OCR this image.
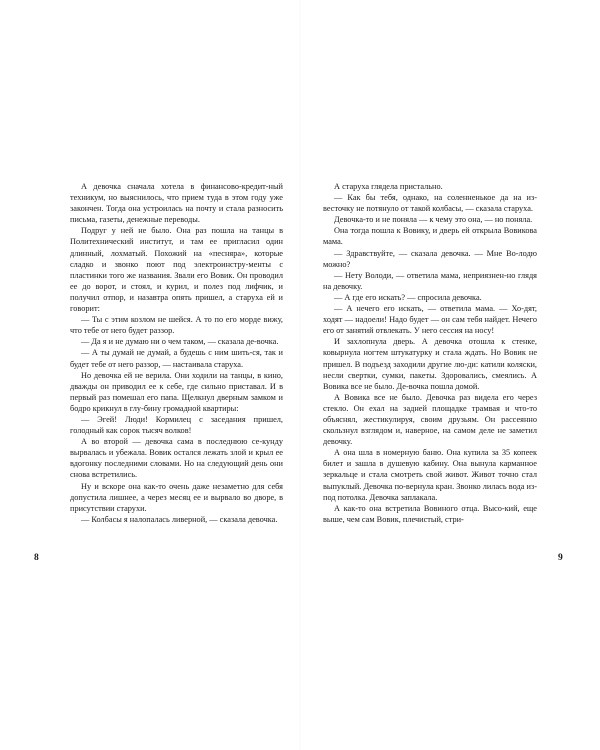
А девочка сначала хотела в финансово-кредит-ный техникум, но выяснилось, что прием туда в этом году уже закончен. Тогда она устроилась на почту и стала разносить письма, газеты, денежные переводы.

Подруг у ней не было. Она раз пошла на танцы в Политехнический институт, и там ее пригласил один длинный, лохматый. Похожий на «песняра», которые сладко и звонко поют под электроинстру-менты с пластинки того же названия. Звали его Вовик. Он проводил ее до ворот, и стоял, и курил, и полез под лифчик, и получил отпор, и назавтра опять пришел, а старуха ей и говорит:

— Ты с этим козлом не шейся. А то по его морде вижу, что тебе от него будет раззор.

— Да я и не думаю ни о чем таком, — сказала де-вочка.

— А ты думай не думай, а будешь с ним шить-ся, так и будет тебе от него раззор, — настаивала старуха.

Но девочка ей не верила. Они ходили на танцы, в кино, дважды он приводил ее к себе, где сильно приставал. И в первый раз помешал его папа. Щелкнул дверным замком и бодро крикнул в глу-бину громадной квартиры:

— Эгей! Люди! Кормилец с заседания пришел, голодный как сорок тысяч волков!

А во второй — девочка сама в последнюю се-кунду вырвалась и убежала. Вовик остался лежать злой и крыл ее вдогонку последними словами. Но на следующий день они снова встретились.

Ну и вскоре она как-то очень даже незаметно для себя допустила лишнее, а через месяц ее и вырвало во дворе, в присутствии старухи.

— Колбасы я налопалась ливерной, — сказала девочка.

8

А старуха глядела пристально.

— Как бы тебя, однако, на соленненькое да на из-весточку не потянуло от такой колбасы, — сказала старуха.

Девочка-то и не поняла — к чему это она, — но поняла.

Она тогда пошла к Вовику, и дверь ей открыла Вовикова мама.

— Здравствуйте, — сказала девочка. — Мне Во-лодю можно?

— Нету Володи, — ответила мама, неприязнен-но глядя на девочку.

— А где его искать? — спросила девочка.

— А нечего его искать, — ответила мама. — Хо-дят, ходят — надоели! Надо будет — он сам тебя найдет. Нечего его от занятий отвлекать. У него сессия на носу!

И захлопнула дверь. А девочка отошла к стенке, ковырнула ногтем штукатурку и стала ждать. Но Вовик не пришел. В подъезд заходили другие лю-ди: катили коляски, несли свертки, сумки, пакеты. Здоровались, смеялись. А Вовика все не было. Де-вочка пошла домой.

А Вовика все не было. Девочка раз видела его через стекло. Он ехал на задней площадке трамвая и что-то объяснял, жестикулируя, своим друзьям. Он рассеянно скользнул взглядом и, наверное, на самом деле не заметил девочку.

А она шла в номерную баню. Она купила за 35 копеек билет и зашла в душевую кабину. Она вынула карманное зеркальце и стала смотреть свой живот. Живот точно стал выпуклый. Девочка по-вернула кран. Звонко лилась вода из-под потолка. Девочка заплакала.

А как-то она встретила Вовиного отца. Высо-кий, еще выше, чем сам Вовик, плечистый, стри-

9
